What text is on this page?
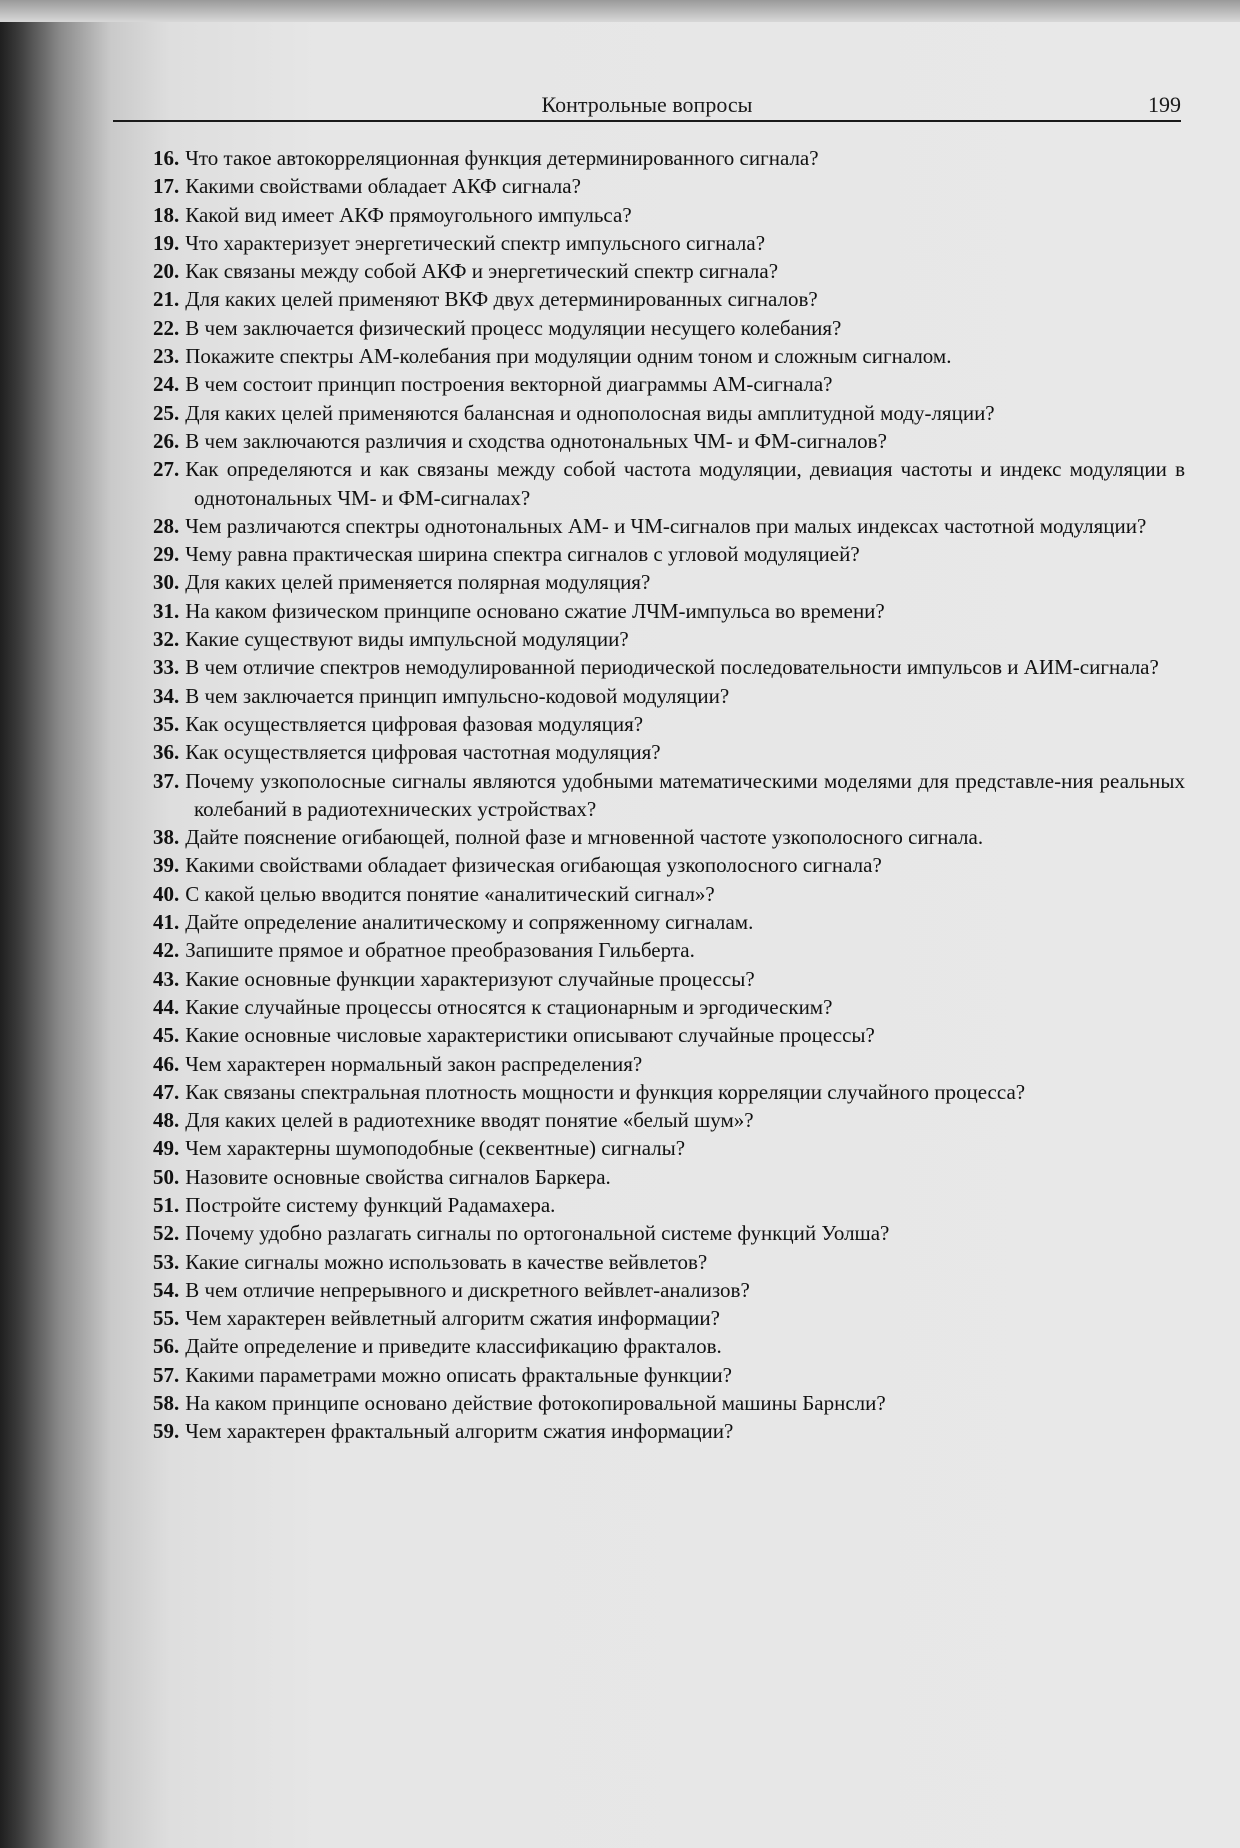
Контрольные вопросы	199
16. Что такое автокорреляционная функция детерминированного сигнала?
17. Какими свойствами обладает АКФ сигнала?
18. Какой вид имеет АКФ прямоугольного импульса?
19. Что характеризует энергетический спектр импульсного сигнала?
20. Как связаны между собой АКФ и энергетический спектр сигнала?
21. Для каких целей применяют ВКФ двух детерминированных сигналов?
22. В чем заключается физический процесс модуляции несущего колебания?
23. Покажите спектры АМ-колебания при модуляции одним тоном и сложным сигналом.
24. В чем состоит принцип построения векторной диаграммы АМ-сигнала?
25. Для каких целей применяются балансная и однополосная виды амплитудной моду-ляции?
26. В чем заключаются различия и сходства однотональных ЧМ- и ФМ-сигналов?
27. Как определяются и как связаны между собой частота модуляции, девиация частоты и индекс модуляции в однотональных ЧМ- и ФМ-сигналах?
28. Чем различаются спектры однотональных АМ- и ЧМ-сигналов при малых индексах частотной модуляции?
29. Чему равна практическая ширина спектра сигналов с угловой модуляцией?
30. Для каких целей применяется полярная модуляция?
31. На каком физическом принципе основано сжатие ЛЧМ-импульса во времени?
32. Какие существуют виды импульсной модуляции?
33. В чем отличие спектров немодулированной периодической последовательности импульсов и АИМ-сигнала?
34. В чем заключается принцип импульсно-кодовой модуляции?
35. Как осуществляется цифровая фазовая модуляция?
36. Как осуществляется цифровая частотная модуляция?
37. Почему узкополосные сигналы являются удобными математическими моделями для представле-ния реальных колебаний в радиотехнических устройствах?
38. Дайте пояснение огибающей, полной фазе и мгновенной частоте узкополосного сигнала.
39. Какими свойствами обладает физическая огибающая узкополосного сигнала?
40. С какой целью вводится понятие «аналитический сигнал»?
41. Дайте определение аналитическому и сопряженному сигналам.
42. Запишите прямое и обратное преобразования Гильберта.
43. Какие основные функции характеризуют случайные процессы?
44. Какие случайные процессы относятся к стационарным и эргодическим?
45. Какие основные числовые характеристики описывают случайные процессы?
46. Чем характерен нормальный закон распределения?
47. Как связаны спектральная плотность мощности и функция корреляции случайного процесса?
48. Для каких целей в радиотехнике вводят понятие «белый шум»?
49. Чем характерны шумоподобные (секвентные) сигналы?
50. Назовите основные свойства сигналов Баркера.
51. Постройте систему функций Радамахера.
52. Почему удобно разлагать сигналы по ортогональной системе функций Уолша?
53. Какие сигналы можно использовать в качестве вейвлетов?
54. В чем отличие непрерывного и дискретного вейвлет-анализов?
55. Чем характерен вейвлетный алгоритм сжатия информации?
56. Дайте определение и приведите классификацию фракталов.
57. Какими параметрами можно описать фрактальные функции?
58. На каком принципе основано действие фотокопировальной машины Барнсли?
59. Чем характерен фрактальный алгоритм сжатия информации?
